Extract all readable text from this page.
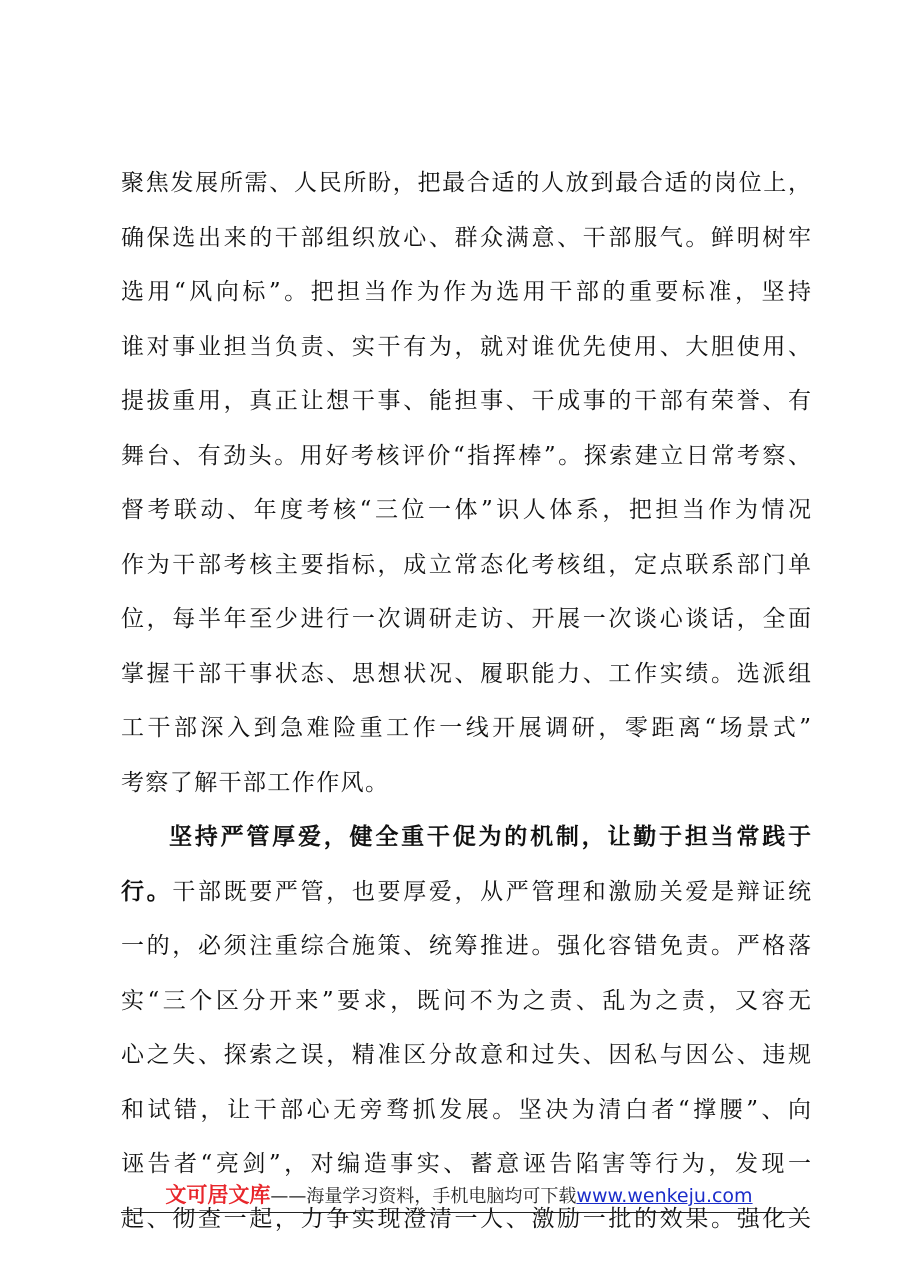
聚焦发展所需、人民所盼，把最合适的人放到最合适的岗位上，
确保选出来的干部组织放心、群众满意、干部服气。鲜明树牢
选用“风向标”。把担当作为作为选用干部的重要标准，坚持
谁对事业担当负责、实干有为，就对谁优先使用、大胆使用、
提拔重用，真正让想干事、能担事、干成事的干部有荣誉、有
舞台、有劲头。用好考核评价“指挥棒”。探索建立日常考察、
督考联动、年度考核“三位一体”识人体系，把担当作为情况
作为干部考核主要指标，成立常态化考核组，定点联系部门单
位，每半年至少进行一次调研走访、开展一次谈心谈话，全面
掌握干部干事状态、思想状况、履职能力、工作实绩。选派组
工干部深入到急难险重工作一线开展调研，零距离“场景式”
考察了解干部工作作风。
坚持严管厚爱，健全重干促为的机制，让勤于担当常践于
行。干部既要严管，也要厚爱，从严管理和激励关爱是辩证统
一的，必须注重综合施策、统筹推进。强化容错免责。严格落
实“三个区分开来”要求，既问不为之责、乱为之责，又容无
心之失、探索之误，精准区分故意和过失、因私与因公、违规
和试错，让干部心无旁骛抓发展。坚决为清白者“撑腰”、向
诬告者“亮剑”，对编造事实、蓄意诬告陷害等行为，发现一
起、彻查一起，力争实现澄清一人、激励一批的效果。强化关
文可居文库——海量学习资料，手机电脑均可下载www.wenkeju.com
